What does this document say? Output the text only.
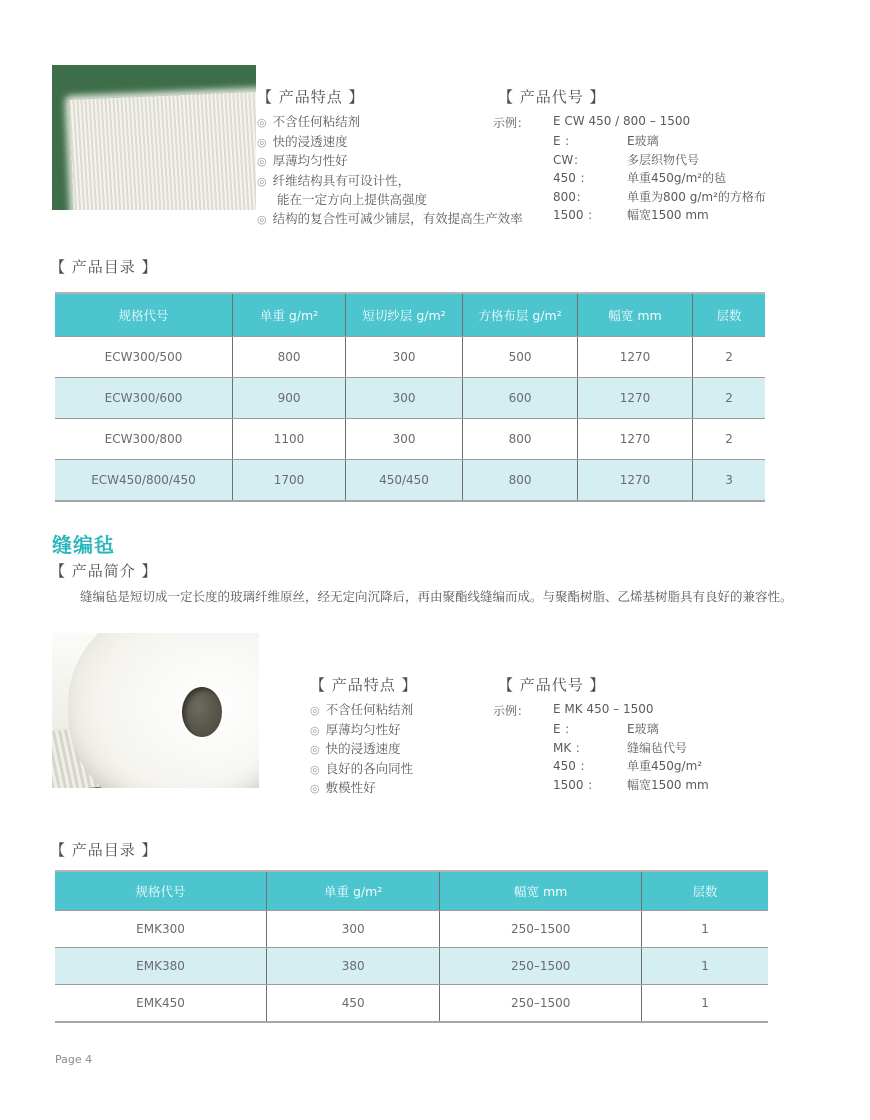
【 产品特点 】
◎ 不含任何粘结剂
◎ 快的浸透速度
◎ 厚薄均匀性好
◎ 纤维结构具有可设计性，
能在一定方向上提供高强度
◎ 结构的复合性可减少铺层，有效提高生产效率
【 产品代号 】
示例：	E CW 450 / 800 – 1500
E ：	E玻璃
CW：	多层织物代号
450 ：	单重450g/m²的毡
800：	单重为800 g/m²的方格布
1500 ：	幅宽1500 mm
【 产品目录 】
规格代号	单重 g/m²	短切纱层 g/m²	方格布层 g/m²	幅宽 mm	层数
ECW300/500	800	300	500	1270	2
ECW300/600	900	300	600	1270	2
ECW300/800	1100	300	800	1270	2
ECW450/800/450	1700	450/450	800	1270	3
缝编毡
【 产品简介 】
缝编毡是短切成一定长度的玻璃纤维原丝，经无定向沉降后，再由聚酯线缝编而成。与聚酯树脂、乙烯基树脂具有良好的兼容性。
【 产品特点 】
◎ 不含任何粘结剂
◎ 厚薄均匀性好
◎ 快的浸透速度
◎ 良好的各向同性
◎ 敷模性好
【 产品代号 】
示例：	E MK 450 – 1500
E ：	E玻璃
MK ：	缝编毡代号
450 ：	单重450g/m²
1500 ：	幅宽1500 mm
【 产品目录 】
规格代号	单重 g/m²	幅宽 mm	层数
EMK300	300	250–1500	1
EMK380	380	250–1500	1
EMK450	450	250–1500	1
Page 4
